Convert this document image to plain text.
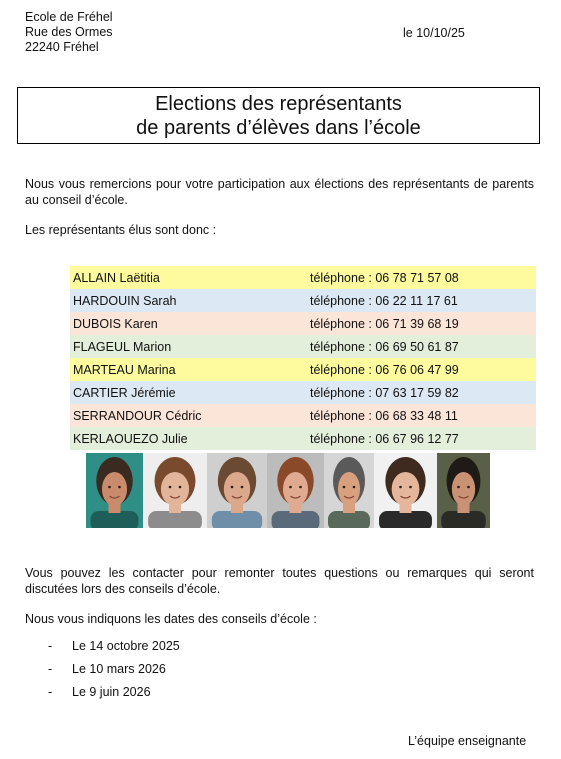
Ecole de Fréhel
Rue des Ormes
22240 Fréhel
le 10/10/25
Elections des représentants
de parents d’élèves dans l’école
Nous vous remercions pour votre participation aux élections des représentants de parents au conseil d’école.
Les représentants élus sont donc :
ALLAIN Laëtitia	téléphone : 06 78 71 57 08
HARDOUIN Sarah	téléphone : 06 22 11 17 61
DUBOIS Karen	téléphone : 06 71 39 68 19
FLAGEUL Marion	téléphone : 06 69 50 61 87
MARTEAU Marina	téléphone : 06 76 06 47 99
CARTIER Jérémie	téléphone : 07 63 17 59 82
SERRANDOUR Cédric	téléphone : 06 68 33 48 11
KERLAOUEZO Julie	téléphone : 06 67 96 12 77
Vous pouvez les contacter pour remonter toutes questions ou remarques qui seront discutées lors des conseils d’école.
Nous vous indiquons les dates des conseils d’école :
-	Le 14 octobre 2025
-	Le 10 mars 2026
-	Le 9 juin 2026
L’équipe enseignante
